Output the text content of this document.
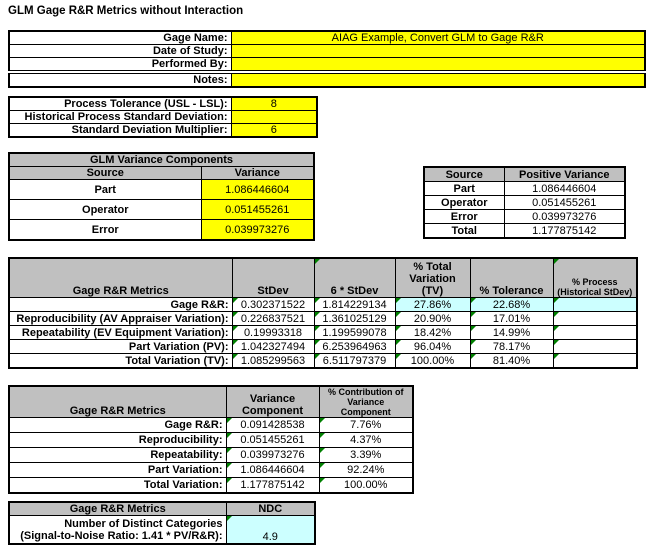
GLM Gage R&R Metrics without Interaction
Gage Name:	AIAG Example, Convert GLM to Gage R&R
Date of Study:	
Performed By:	
Notes:	
Process Tolerance (USL - LSL):	8
Historical Process Standard Deviation:	
Standard Deviation Multiplier:	6
GLM Variance Components	
Source	Variance
Part	1.086446604
Operator	0.051455261
Error	0.039973276
Source	Positive Variance
Part	1.086446604
Operator	0.051455261
Error	0.039973276
Total	1.177875142
Gage R&R Metrics	StDev	6 * StDev	% Total Variation (TV)	% Tolerance	% Process (Historical StDev)
Gage R&R:	0.302371522	1.814229134	27.86%	22.68%	

Reproducibility (AV Appraiser Variation):	0.226837521	1.361025129	20.90%	17.01%	

Repeatability (EV Equipment Variation):	0.19993318	1.199599078	18.42%	14.99%	

Part Variation (PV):	1.042327494	6.253964963	96.04%	78.17%	

Total Variation (TV):	1.085299563	6.511797379	100.00%	81.40%	
Gage R&R Metrics	Variance Component	% Contribution of Variance Component
Gage R&R:	0.091428538	7.76%
Reproducibility:	0.051455261	4.37%
Repeatability:	0.039973276	3.39%
Part Variation:	1.086446604	92.24%
Total Variation:	1.177875142	100.00%
Gage R&R Metrics	NDC

Number of Distinct Categories
(Signal-to-Noise Ratio: 1.41 * PV/R&R):	4.9
